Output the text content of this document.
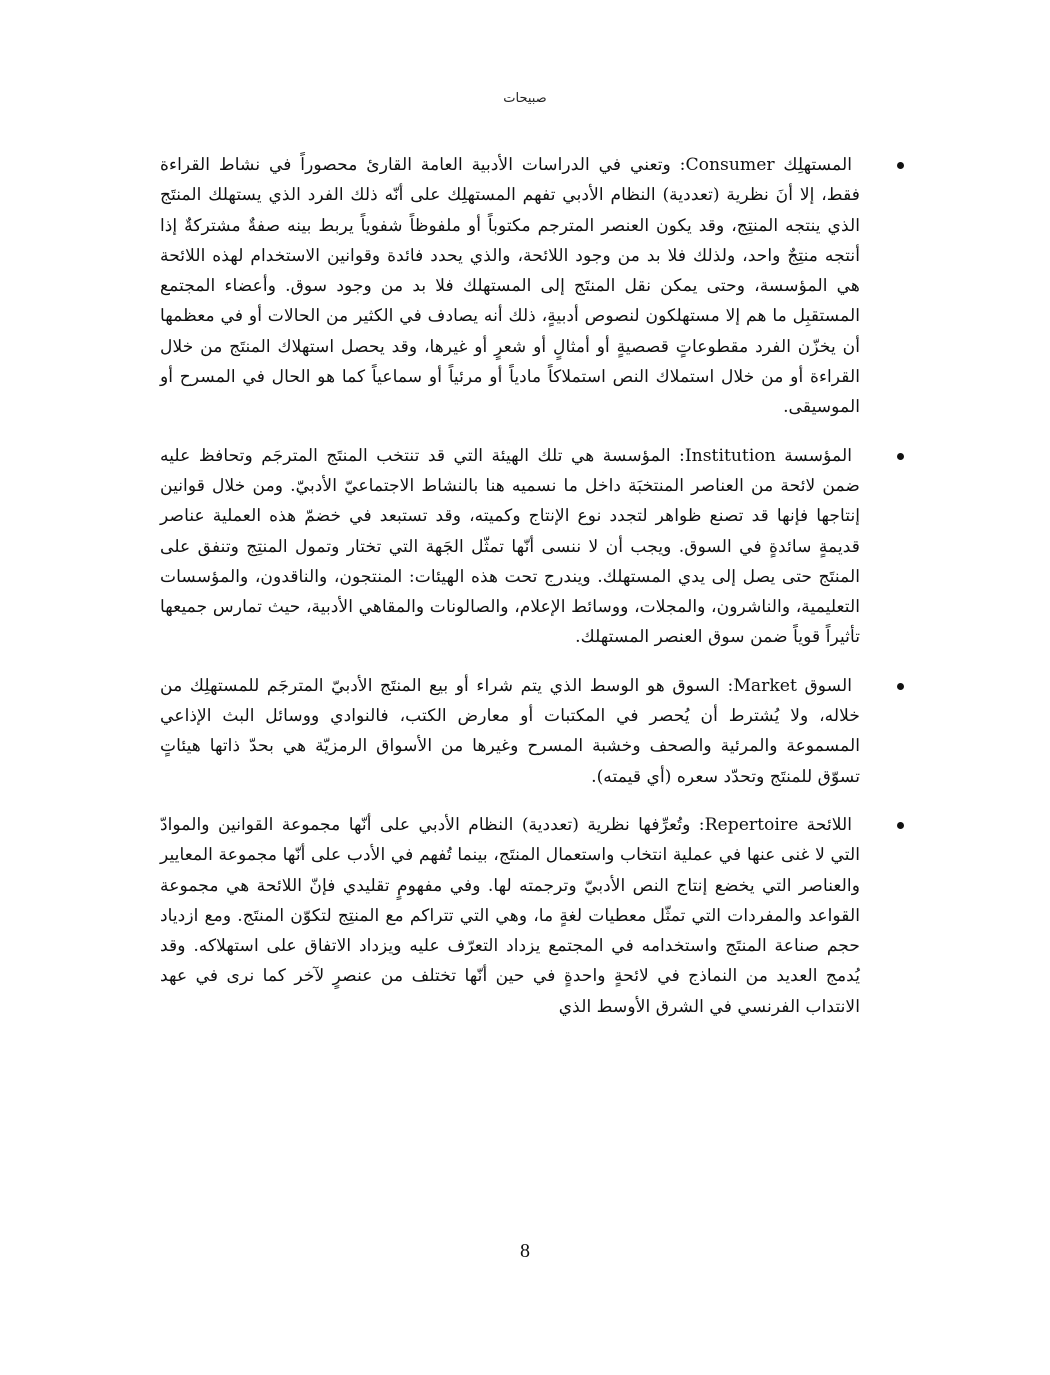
صبيحات

المستهلِك Consumer: وتعني في الدراسات الأدبية العامة القارئ محصوراً في نشاط القراءة فقط، إلا أنَ نظرية (تعددية) النظام الأدبي تفهم المستهلِك على أنّه ذلك الفرد الذي يستهلك المنتَج الذي ينتجه المنتِج، وقد يكون العنصر المترجم مكتوباً أو ملفوظاً شفوياً يربط بينه صفةٌ مشتركةٌ إذا أنتجه منتِجٌ واحد، ولذلك فلا بد من وجود اللائحة، والذي يحدد فائدة وقوانين الاستخدام لهذه اللائحة هي المؤسسة، وحتى يمكن نقل المنتَج إلى المستهلك فلا بد من وجود سوق. وأعضاء المجتمع المستقبِل ما هم إلا مستهلكون لنصوص أدبيةٍ، ذلك أنه يصادف في الكثير من الحالات أو في معظمها أن يخزّن الفرد مقطوعاتٍ قصصيةٍ أو أمثالٍ أو شعرٍ أو غيرها، وقد يحصل استهلاك المنتَج من خلال القراءة أو من خلال استملاك النص استملاكاً مادياً أو مرئياً أو سماعياً كما هو الحال في المسرح أو الموسيقى.

المؤسسة Institution: المؤسسة هي تلك الهيئة التي قد تنتخب المنتَج المترجَم وتحافظ عليه ضمن لائحة من العناصر المنتخبَة داخل ما نسميه هنا بالنشاط الاجتماعيّ الأدبيّ. ومن خلال قوانين إنتاجها فإنها قد تصنع ظواهر لتجدد نوع الإنتاج وكميته، وقد تستبعد في خضمّ هذه العملية عناصر قديمةٍ سائدةٍ في السوق. ويجب أن لا ننسى أنّها تمثّل الجَهة التي تختار وتمول المنتِج وتنفق على المنتَج حتى يصل إلى يدي المستهلك. ويندرج تحت هذه الهيئات: المنتجون، والناقدون، والمؤسسات التعليمية، والناشرون، والمجلات، ووسائط الإعلام، والصالونات والمقاهي الأدبية، حيث تمارس جميعها تأثيراً قوياً ضمن سوق العنصر المستهلك.

السوق Market: السوق هو الوسط الذي يتم شراء أو بيع المنتَج الأدبيّ المترجَم للمستهلِك من خلاله، ولا يُشترط أن يُحصر في المكتبات أو معارض الكتب، فالنوادي ووسائل البث الإذاعي المسموعة والمرئية والصحف وخشبة المسرح وغيرها من الأسواق الرمزيّة هي بحدّ ذاتها هيئاتٍ تسوّق للمنتَج وتحدّد سعره (أي قيمته).

اللائحة Repertoire: وتُعرِّفها نظرية (تعددية) النظام الأدبي على أنّها مجموعة القوانين والموادّ التي لا غنى عنها في عملية انتخاب واستعمال المنتَج، بينما تُفهم في الأدب على أنّها مجموعة المعايير والعناصر التي يخضع إنتاج النص الأدبيّ وترجمته لها. وفي مفهومٍ تقليدي فإنّ اللائحة هي مجموعة القواعد والمفردات التي تمثّل معطيات لغةٍ ما، وهي التي تتراكم مع المنتِج لتكوّن المنتَج. ومع ازدياد حجم صناعة المنتَج واستخدامه في المجتمع يزداد التعرّف عليه ويزداد الاتفاق على استهلاكه. وقد يُدمج العديد من النماذج في لائحةٍ واحدةٍ في حين أنّها تختلف من عنصرٍ لآخر كما نرى في عهد الانتداب الفرنسي في الشرق الأوسط الذي

8
